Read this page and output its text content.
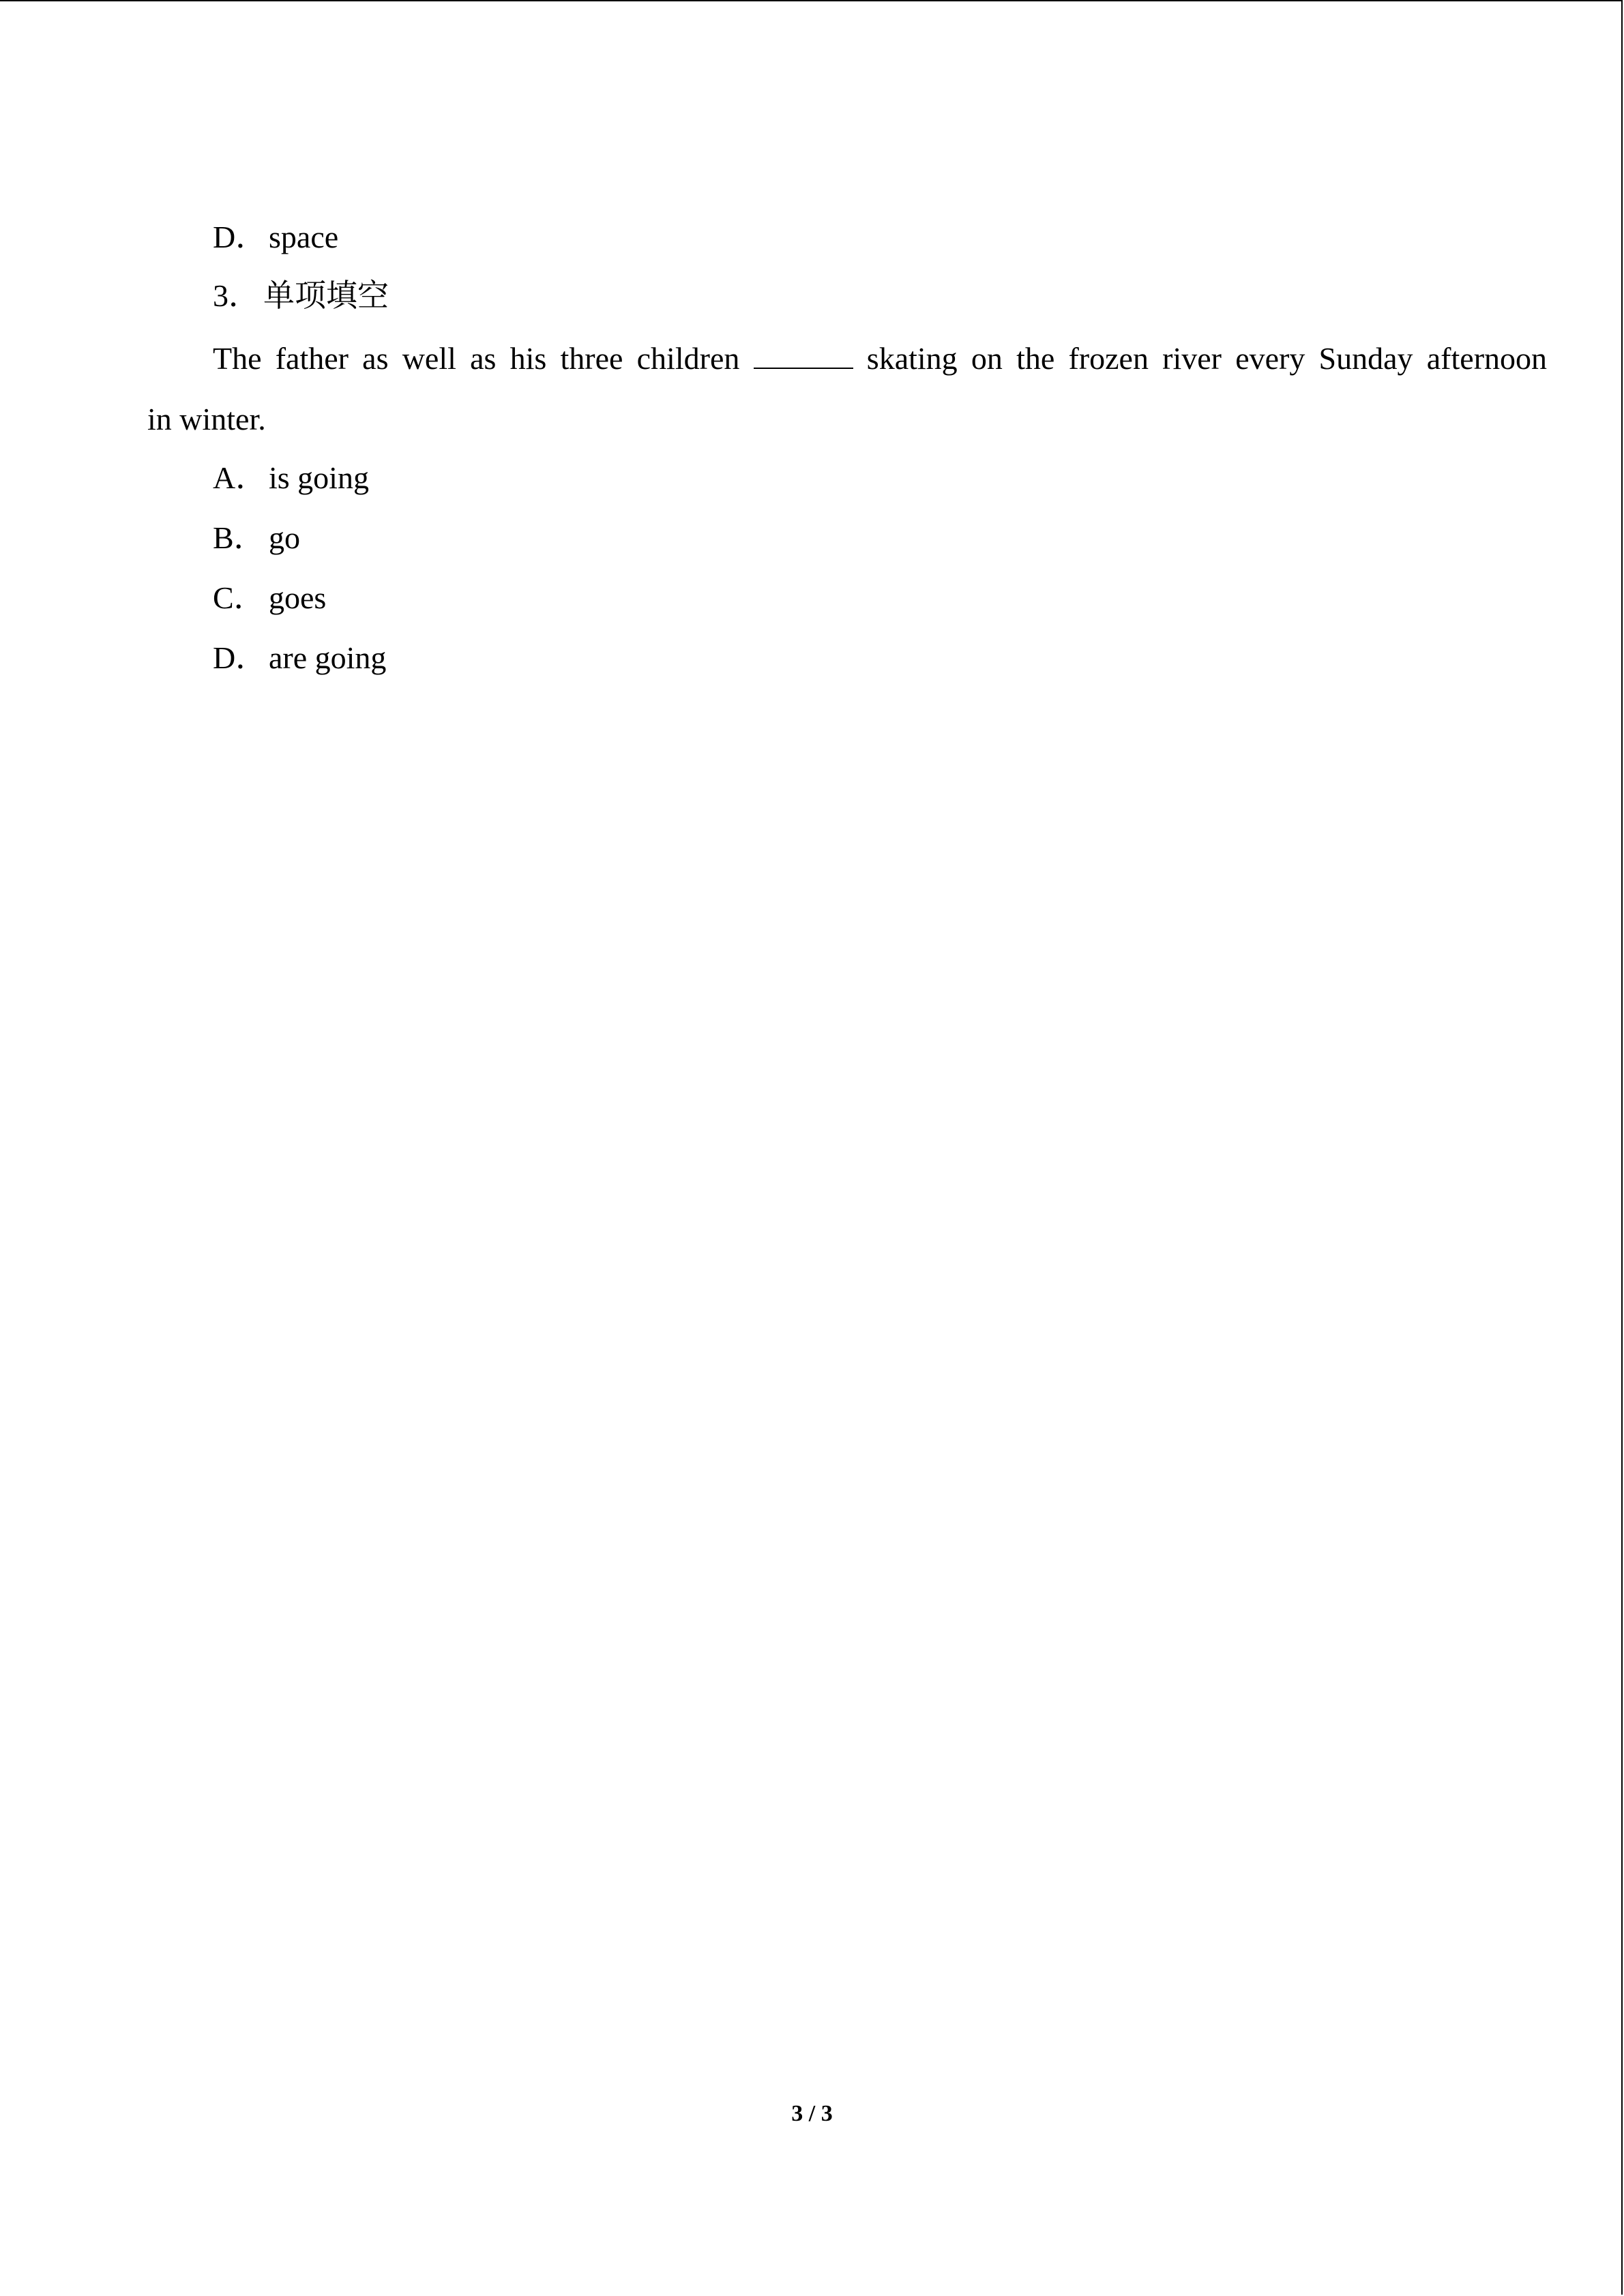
D．space
3． 单项填空
The father as well as his three children	skating on the frozen river every Sunday afternoon
in winter.
A．is going
B． go
C． goes
D．are going
3 / 3
